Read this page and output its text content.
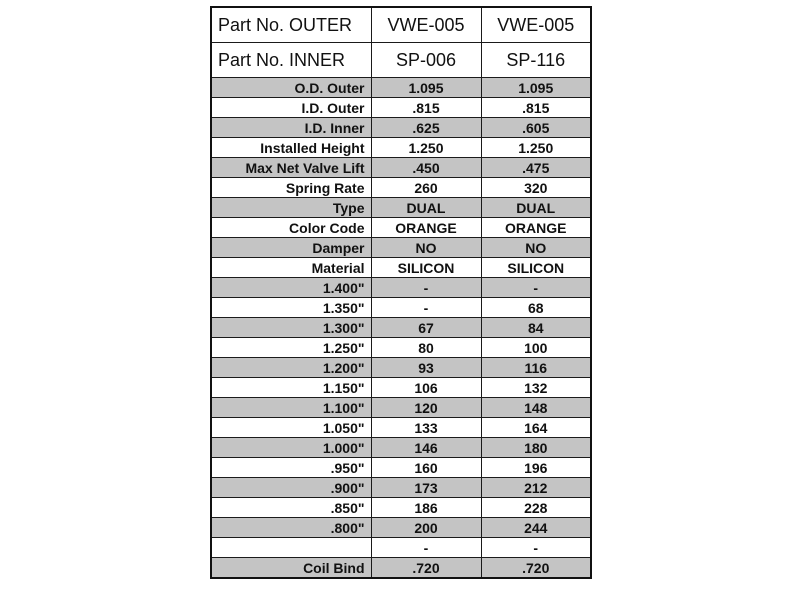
Part No. OUTER	VWE-005	VWE-005
Part No. INNER	SP-006	SP-116
O.D. Outer	1.095	1.095
I.D. Outer	.815	.815
I.D. Inner	.625	.605
Installed Height	1.250	1.250
Max Net Valve Lift	.450	.475
Spring Rate	260	320
Type	DUAL	DUAL
Color Code	ORANGE	ORANGE
Damper	NO	NO
Material	SILICON	SILICON
1.400"	-	-
1.350"	-	68
1.300"	67	84
1.250"	80	100
1.200"	93	116
1.150"	106	132
1.100"	120	148
1.050"	133	164
1.000"	146	180
.950"	160	196
.900"	173	212
.850"	186	228
.800"	200	244
	-	-
Coil Bind	.720	.720
